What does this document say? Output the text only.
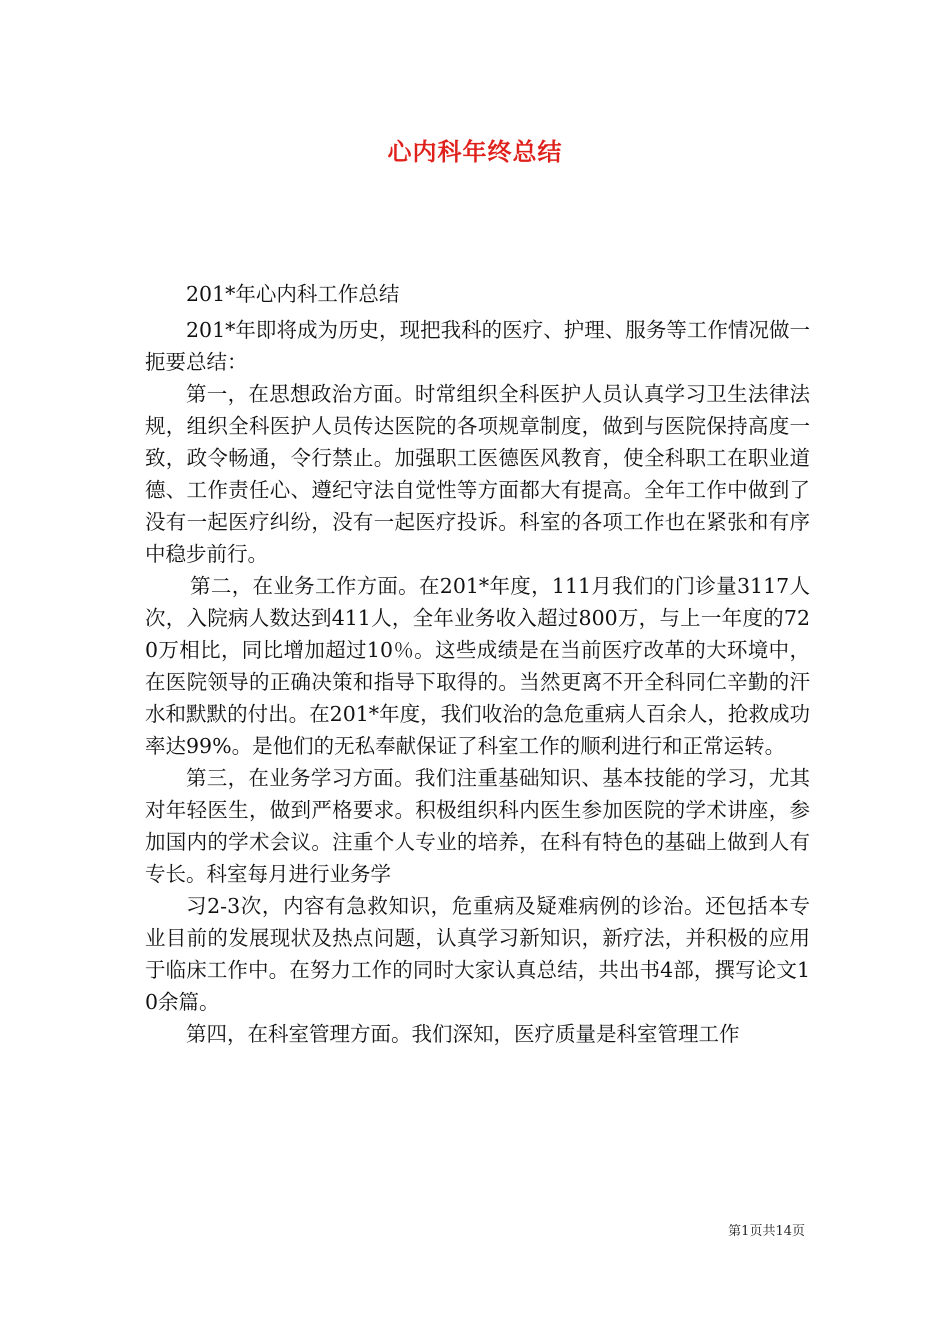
心内科年终总结

201*年心内科工作总结

201*年即将成为历史，现把我科的医疗、护理、服务等工作情况做一扼要总结：

第一，在思想政治方面。时常组织全科医护人员认真学习卫生法律法规，组织全科医护人员传达医院的各项规章制度，做到与医院保持高度一致，政令畅通，令行禁止。加强职工医德医风教育，使全科职工在职业道德、工作责任心、遵纪守法自觉性等方面都大有提高。全年工作中做到了没有一起医疗纠纷，没有一起医疗投诉。科室的各项工作也在紧张和有序中稳步前行。

第二，在业务工作方面。在201*年度，111月我们的门诊量3117人次，入院病人数达到411人，全年业务收入超过800万，与上一年度的720万相比，同比增加超过10％。这些成绩是在当前医疗改革的大环境中，在医院领导的正确决策和指导下取得的。当然更离不开全科同仁辛勤的汗水和默默的付出。在201*年度，我们收治的急危重病人百余人，抢救成功率达99%。是他们的无私奉献保证了科室工作的顺利进行和正常运转。

第三，在业务学习方面。我们注重基础知识、基本技能的学习，尤其对年轻医生，做到严格要求。积极组织科内医生参加医院的学术讲座，参加国内的学术会议。注重个人专业的培养，在科有特色的基础上做到人有专长。科室每月进行业务学

习2-3次，内容有急救知识，危重病及疑难病例的诊治。还包括本专业目前的发展现状及热点问题，认真学习新知识，新疗法，并积极的应用于临床工作中。在努力工作的同时大家认真总结，共出书4部，撰写论文10余篇。

第四，在科室管理方面。我们深知，医疗质量是科室管理工作

第1页共14页
